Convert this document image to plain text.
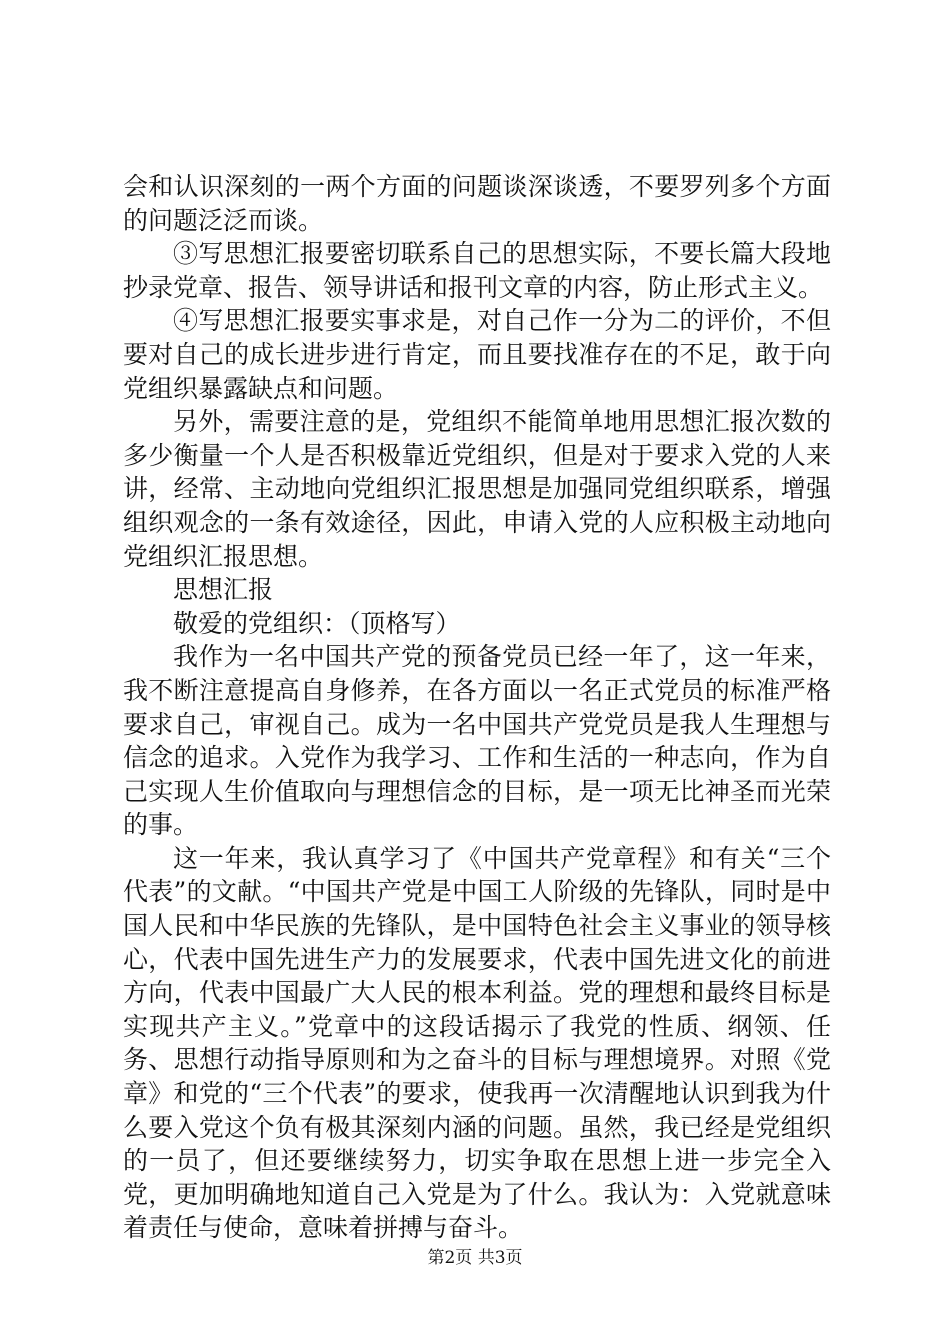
会和认识深刻的一两个方面的问题谈深谈透，不要罗列多个方面的问题泛泛而谈。

③写思想汇报要密切联系自己的思想实际，不要长篇大段地抄录党章、报告、领导讲话和报刊文章的内容，防止形式主义。

④写思想汇报要实事求是，对自己作一分为二的评价，不但要对自己的成长进步进行肯定，而且要找准存在的不足，敢于向党组织暴露缺点和问题。

另外，需要注意的是，党组织不能简单地用思想汇报次数的多少衡量一个人是否积极靠近党组织，但是对于要求入党的人来讲，经常、主动地向党组织汇报思想是加强同党组织联系，增强组织观念的一条有效途径，因此，申请入党的人应积极主动地向党组织汇报思想。

思想汇报

敬爱的党组织：（顶格写）

我作为一名中国共产党的预备党员已经一年了，这一年来，我不断注意提高自身修养，在各方面以一名正式党员的标准严格要求自己，审视自己。成为一名中国共产党党员是我人生理想与信念的追求。入党作为我学习、工作和生活的一种志向，作为自己实现人生价值取向与理想信念的目标，是一项无比神圣而光荣的事。

这一年来，我认真学习了《中国共产党章程》和有关“三个代表”的文献。“中国共产党是中国工人阶级的先锋队，同时是中国人民和中华民族的先锋队，是中国特色社会主义事业的领导核心，代表中国先进生产力的发展要求，代表中国先进文化的前进方向，代表中国最广大人民的根本利益。党的理想和最终目标是实现共产主义。”党章中的这段话揭示了我党的性质、纲领、任务、思想行动指导原则和为之奋斗的目标与理想境界。对照《党章》和党的“三个代表”的要求，使我再一次清醒地认识到我为什么要入党这个负有极其深刻内涵的问题。虽然，我已经是党组织的一员了，但还要继续努力，切实争取在思想上进一步完全入党，更加明确地知道自己入党是为了什么。我认为：入党就意味着责任与使命，意味着拼搏与奋斗。

第2页 共3页
